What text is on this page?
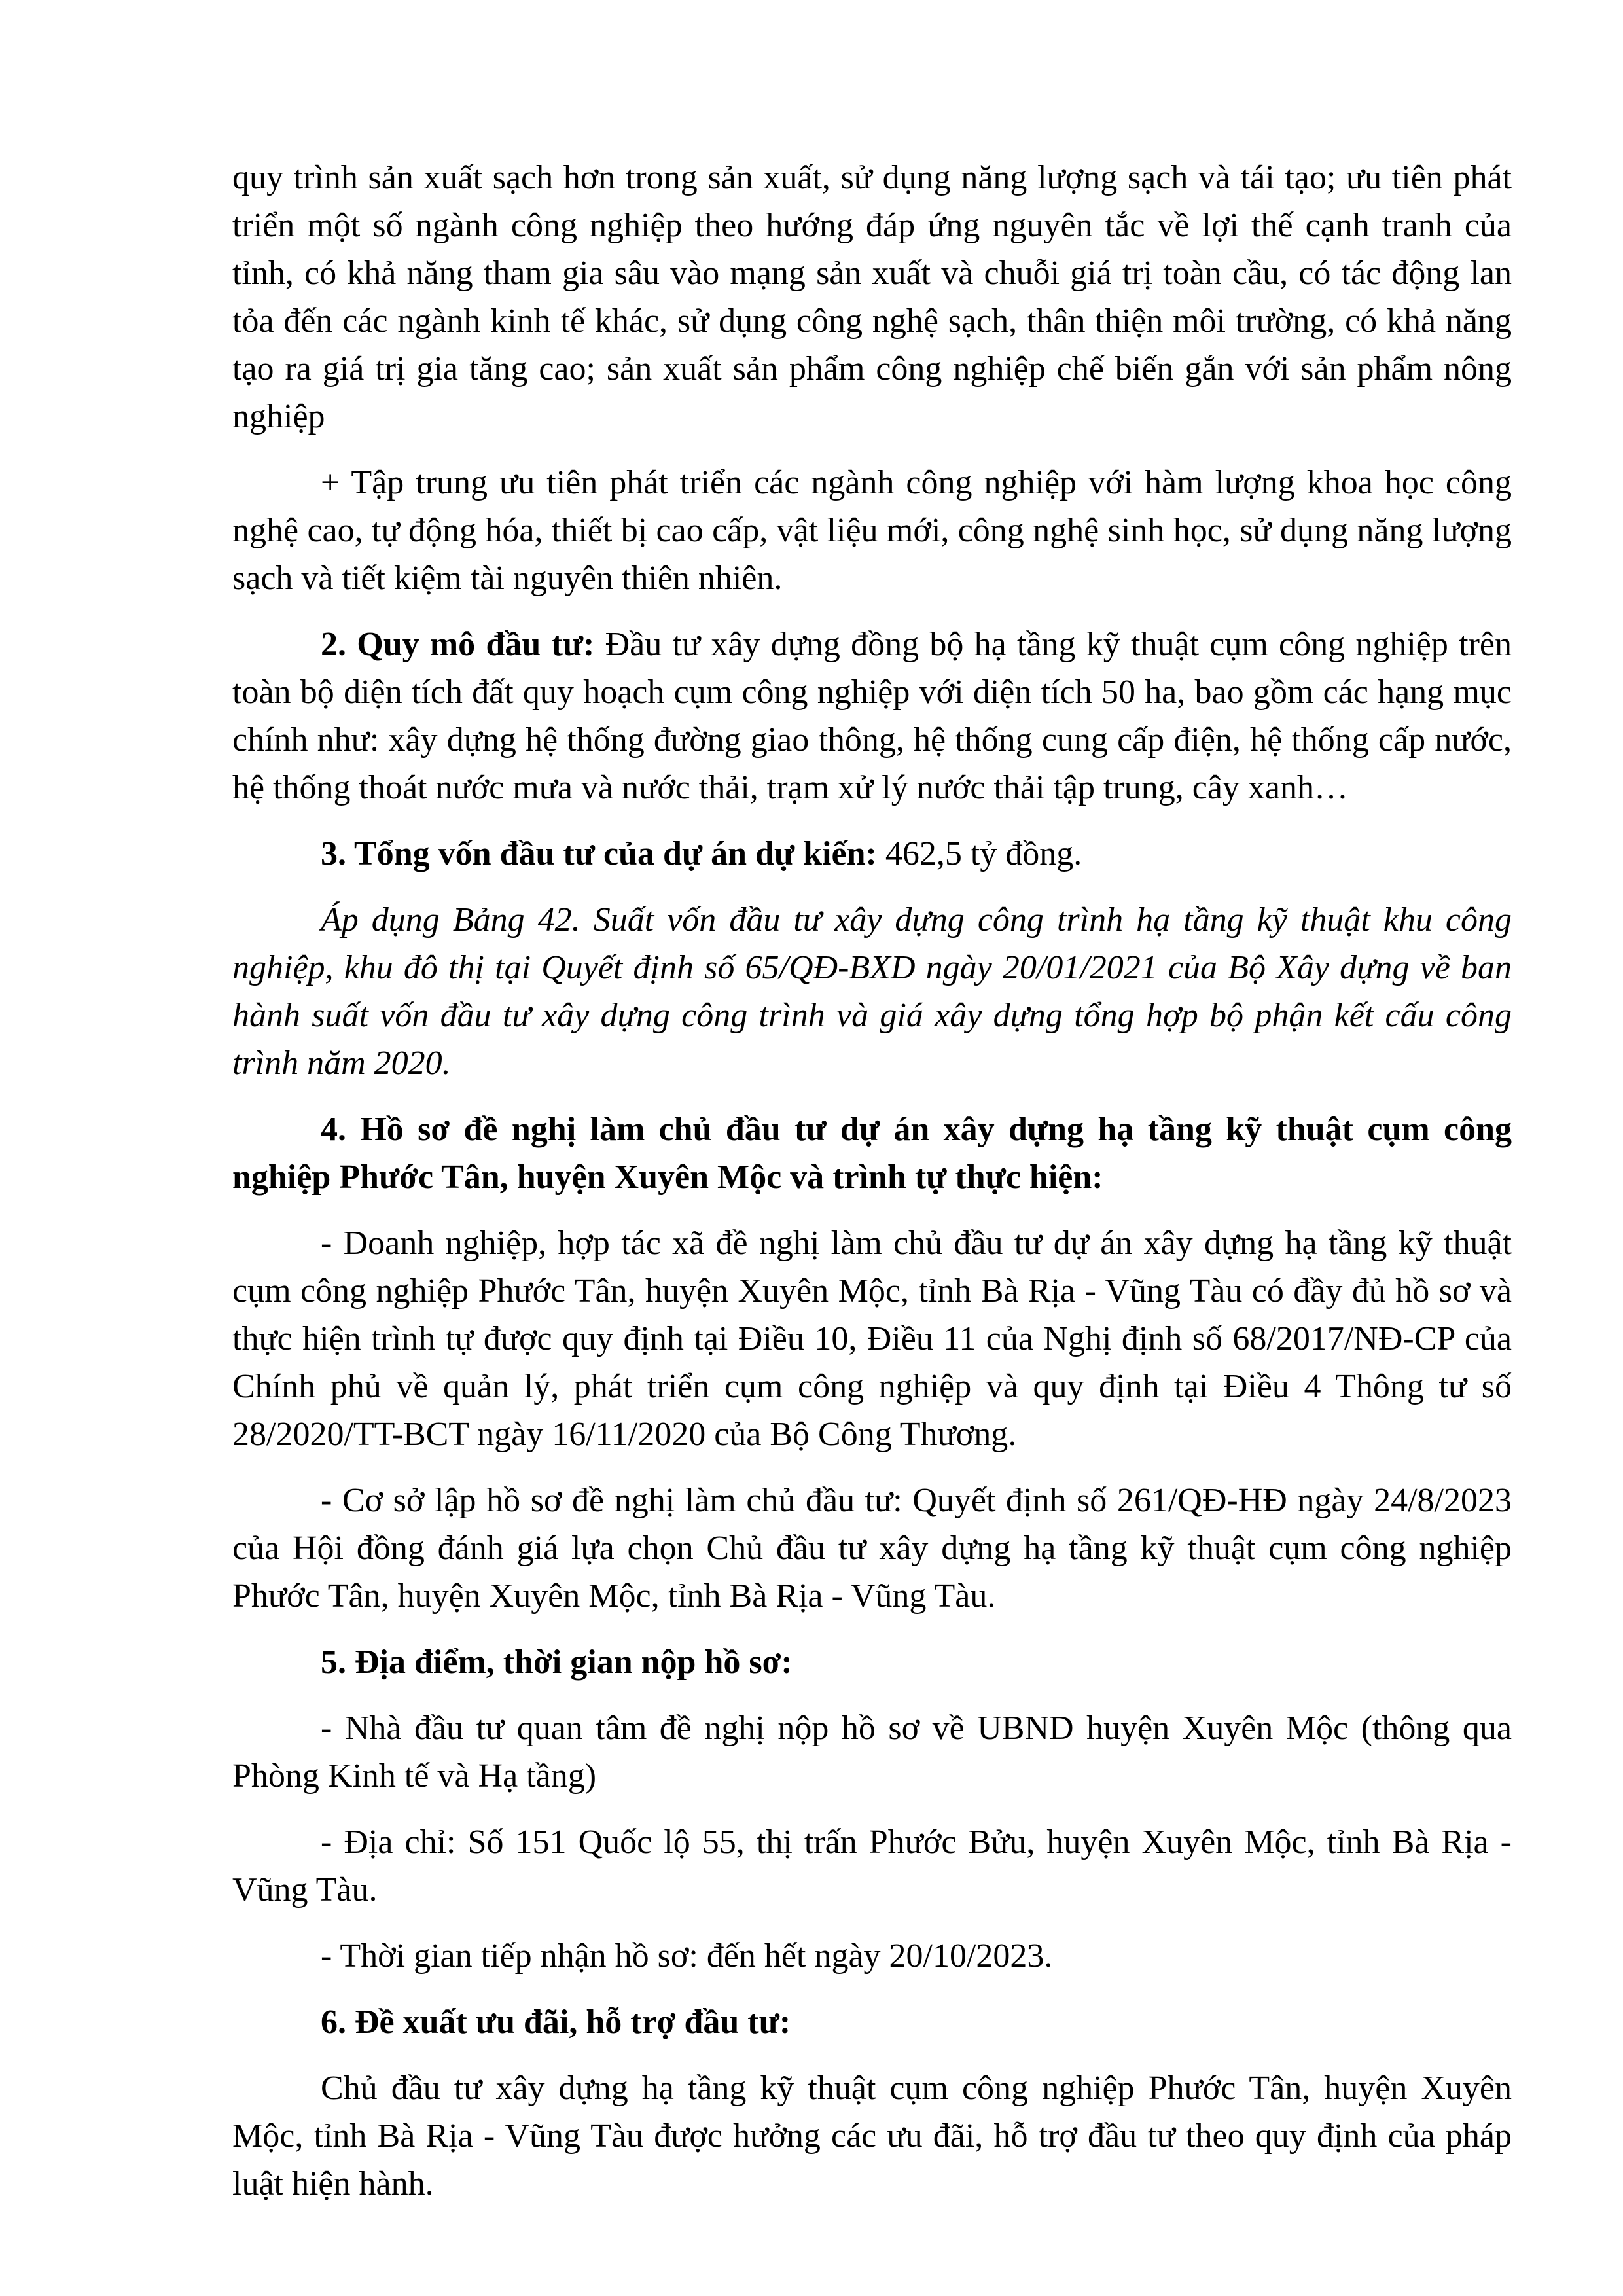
quy trình sản xuất sạch hơn trong sản xuất, sử dụng năng lượng sạch và tái tạo; ưu tiên phát triển một số ngành công nghiệp theo hướng đáp ứng nguyên tắc về lợi thế cạnh tranh của tỉnh, có khả năng tham gia sâu vào mạng sản xuất và chuỗi giá trị toàn cầu, có tác động lan tỏa đến các ngành kinh tế khác, sử dụng công nghệ sạch, thân thiện môi trường, có khả năng tạo ra giá trị gia tăng cao; sản xuất sản phẩm công nghiệp chế biến gắn với sản phẩm nông nghiệp

+ Tập trung ưu tiên phát triển các ngành công nghiệp với hàm lượng khoa học công nghệ cao, tự động hóa, thiết bị cao cấp, vật liệu mới, công nghệ sinh học, sử dụng năng lượng sạch và tiết kiệm tài nguyên thiên nhiên.

2. Quy mô đầu tư: Đầu tư xây dựng đồng bộ hạ tầng kỹ thuật cụm công nghiệp trên toàn bộ diện tích đất quy hoạch cụm công nghiệp với diện tích 50 ha, bao gồm các hạng mục chính như: xây dựng hệ thống đường giao thông, hệ thống cung cấp điện, hệ thống cấp nước, hệ thống thoát nước mưa và nước thải, trạm xử lý nước thải tập trung, cây xanh…

3. Tổng vốn đầu tư của dự án dự kiến: 462,5 tỷ đồng.

Áp dụng Bảng 42. Suất vốn đầu tư xây dựng công trình hạ tầng kỹ thuật khu công nghiệp, khu đô thị tại Quyết định số 65/QĐ-BXD ngày 20/01/2021 của Bộ Xây dựng về ban hành suất vốn đầu tư xây dựng công trình và giá xây dựng tổng hợp bộ phận kết cấu công trình năm 2020.

4. Hồ sơ đề nghị làm chủ đầu tư dự án xây dựng hạ tầng kỹ thuật cụm công nghiệp Phước Tân, huyện Xuyên Mộc và trình tự thực hiện:

- Doanh nghiệp, hợp tác xã đề nghị làm chủ đầu tư dự án xây dựng hạ tầng kỹ thuật cụm công nghiệp Phước Tân, huyện Xuyên Mộc, tỉnh Bà Rịa - Vũng Tàu có đầy đủ hồ sơ và thực hiện trình tự được quy định tại Điều 10, Điều 11 của Nghị định số 68/2017/NĐ-CP của Chính phủ về quản lý, phát triển cụm công nghiệp và quy định tại Điều 4 Thông tư số 28/2020/TT-BCT ngày 16/11/2020 của Bộ Công Thương.

- Cơ sở lập hồ sơ đề nghị làm chủ đầu tư: Quyết định số 261/QĐ-HĐ ngày 24/8/2023 của Hội đồng đánh giá lựa chọn Chủ đầu tư xây dựng hạ tầng kỹ thuật cụm công nghiệp Phước Tân, huyện Xuyên Mộc, tỉnh Bà Rịa - Vũng Tàu.

5. Địa điểm, thời gian nộp hồ sơ:

- Nhà đầu tư quan tâm đề nghị nộp hồ sơ về UBND huyện Xuyên Mộc (thông qua Phòng Kinh tế và Hạ tầng)

- Địa chỉ: Số 151 Quốc lộ 55, thị trấn Phước Bửu, huyện Xuyên Mộc, tỉnh Bà Rịa - Vũng Tàu.

- Thời gian tiếp nhận hồ sơ: đến hết ngày 20/10/2023.

6. Đề xuất ưu đãi, hỗ trợ đầu tư:

Chủ đầu tư xây dựng hạ tầng kỹ thuật cụm công nghiệp Phước Tân, huyện Xuyên Mộc, tỉnh Bà Rịa - Vũng Tàu được hưởng các ưu đãi, hỗ trợ đầu tư theo quy định của pháp luật hiện hành.
